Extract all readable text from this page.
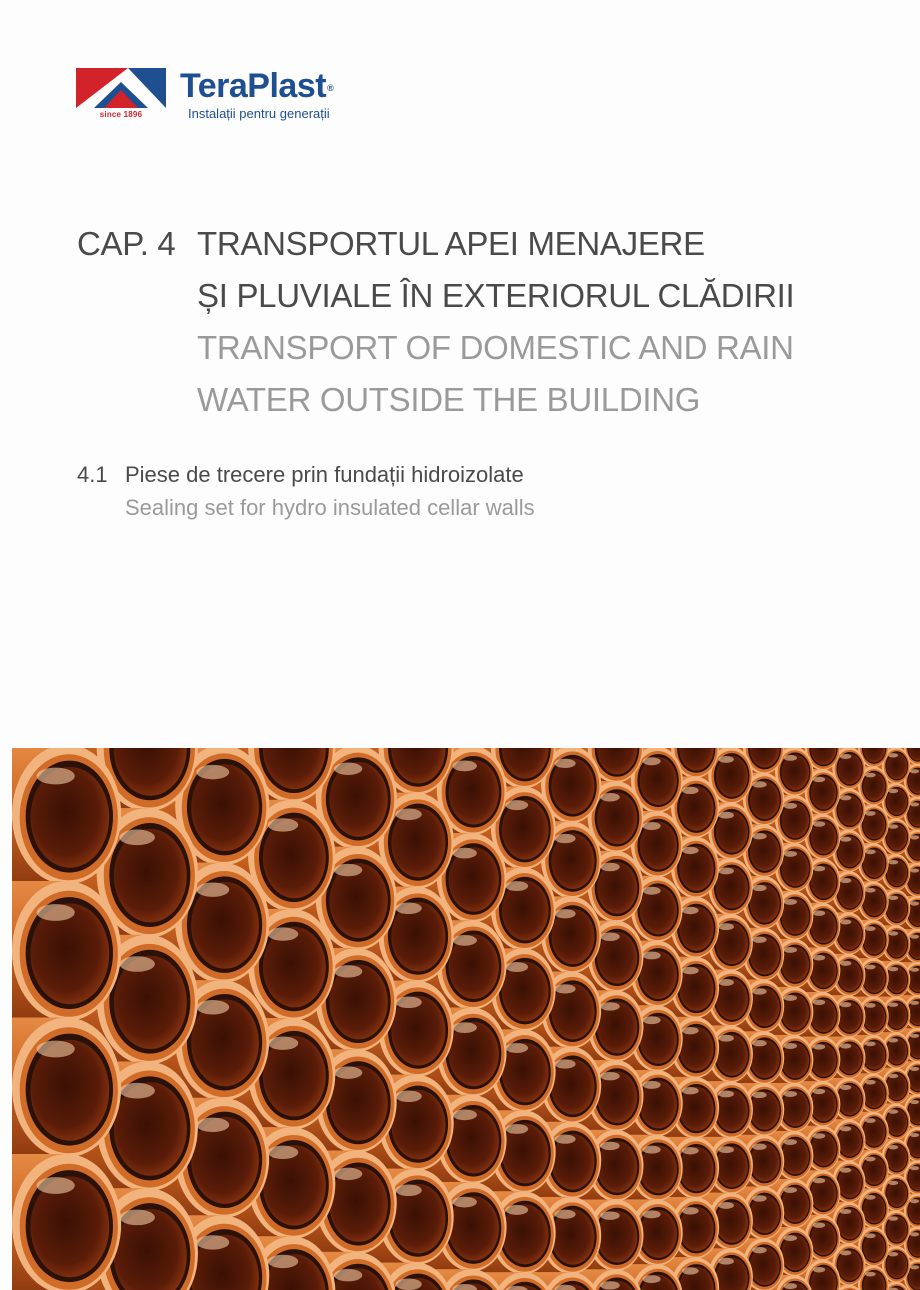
since 1896
TeraPlast®
Instalații pentru generații
CAP. 4 TRANSPORTUL APEI MENAJERE
ȘI PLUVIALE ÎN EXTERIORUL CLĂDIRII
TRANSPORT OF DOMESTIC AND RAIN
WATER OUTSIDE THE BUILDING
4.1 Piese de trecere prin fundații hidroizolate
Sealing set for hydro insulated cellar walls
